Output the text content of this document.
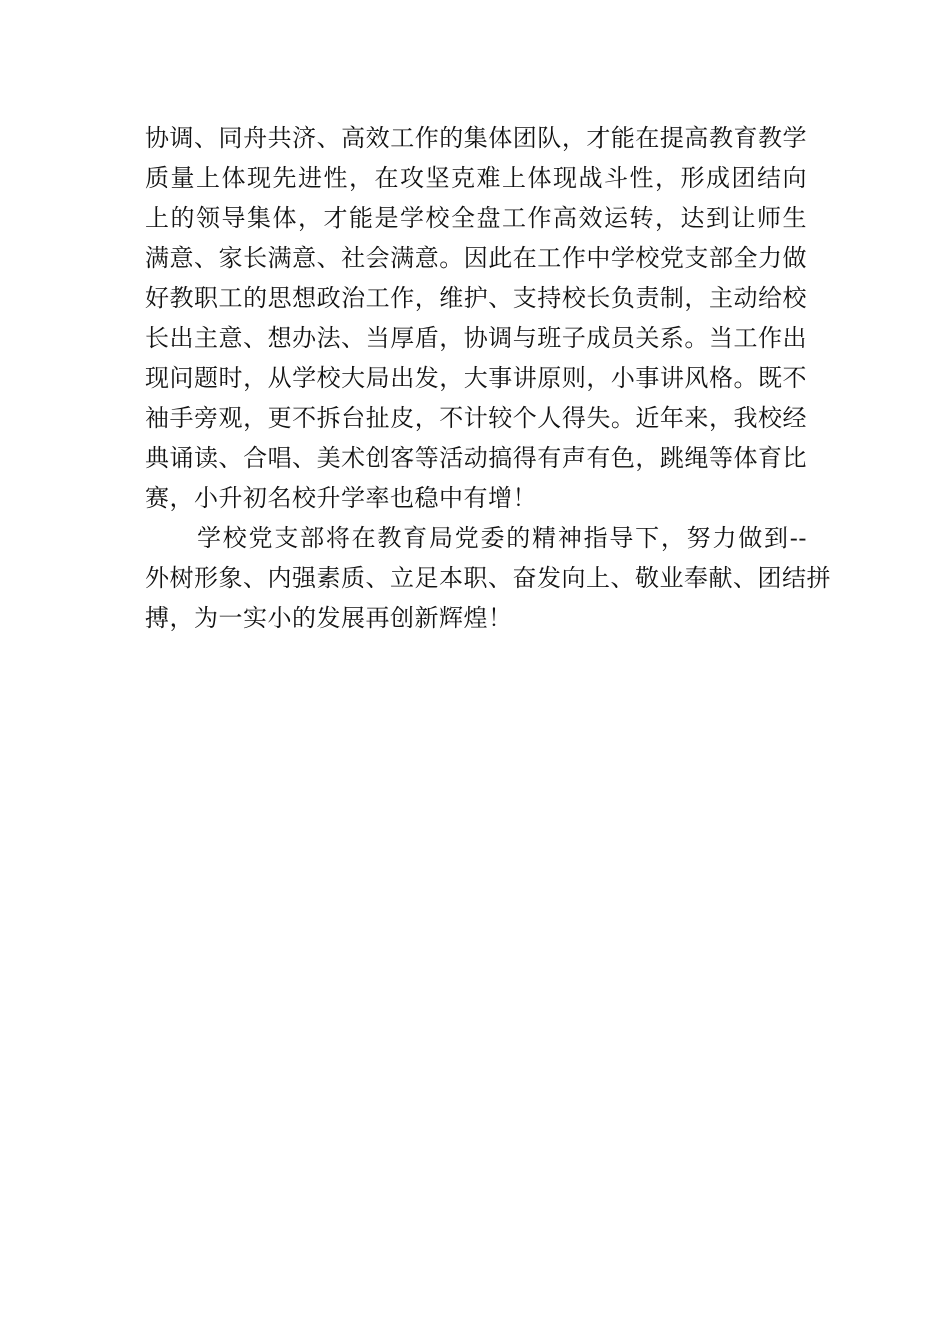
协调、同舟共济、高效工作的集体团队，才能在提高教育教学
质量上体现先进性，在攻坚克难上体现战斗性，形成团结向
上的领导集体，才能是学校全盘工作高效运转，达到让师生
满意、家长满意、社会满意。因此在工作中学校党支部全力做
好教职工的思想政治工作，维护、支持校长负责制，主动给校
长出主意、想办法、当厚盾，协调与班子成员关系。当工作出
现问题时，从学校大局出发，大事讲原则，小事讲风格。既不
袖手旁观，更不拆台扯皮，不计较个人得失。近年来，我校经
典诵读、合唱、美术创客等活动搞得有声有色，跳绳等体育比
赛，小升初名校升学率也稳中有增！

学校党支部将在教育局党委的精神指导下，努力做到--
外树形象、内强素质、立足本职、奋发向上、敬业奉献、团结拼
搏，为一实小的发展再创新辉煌！
